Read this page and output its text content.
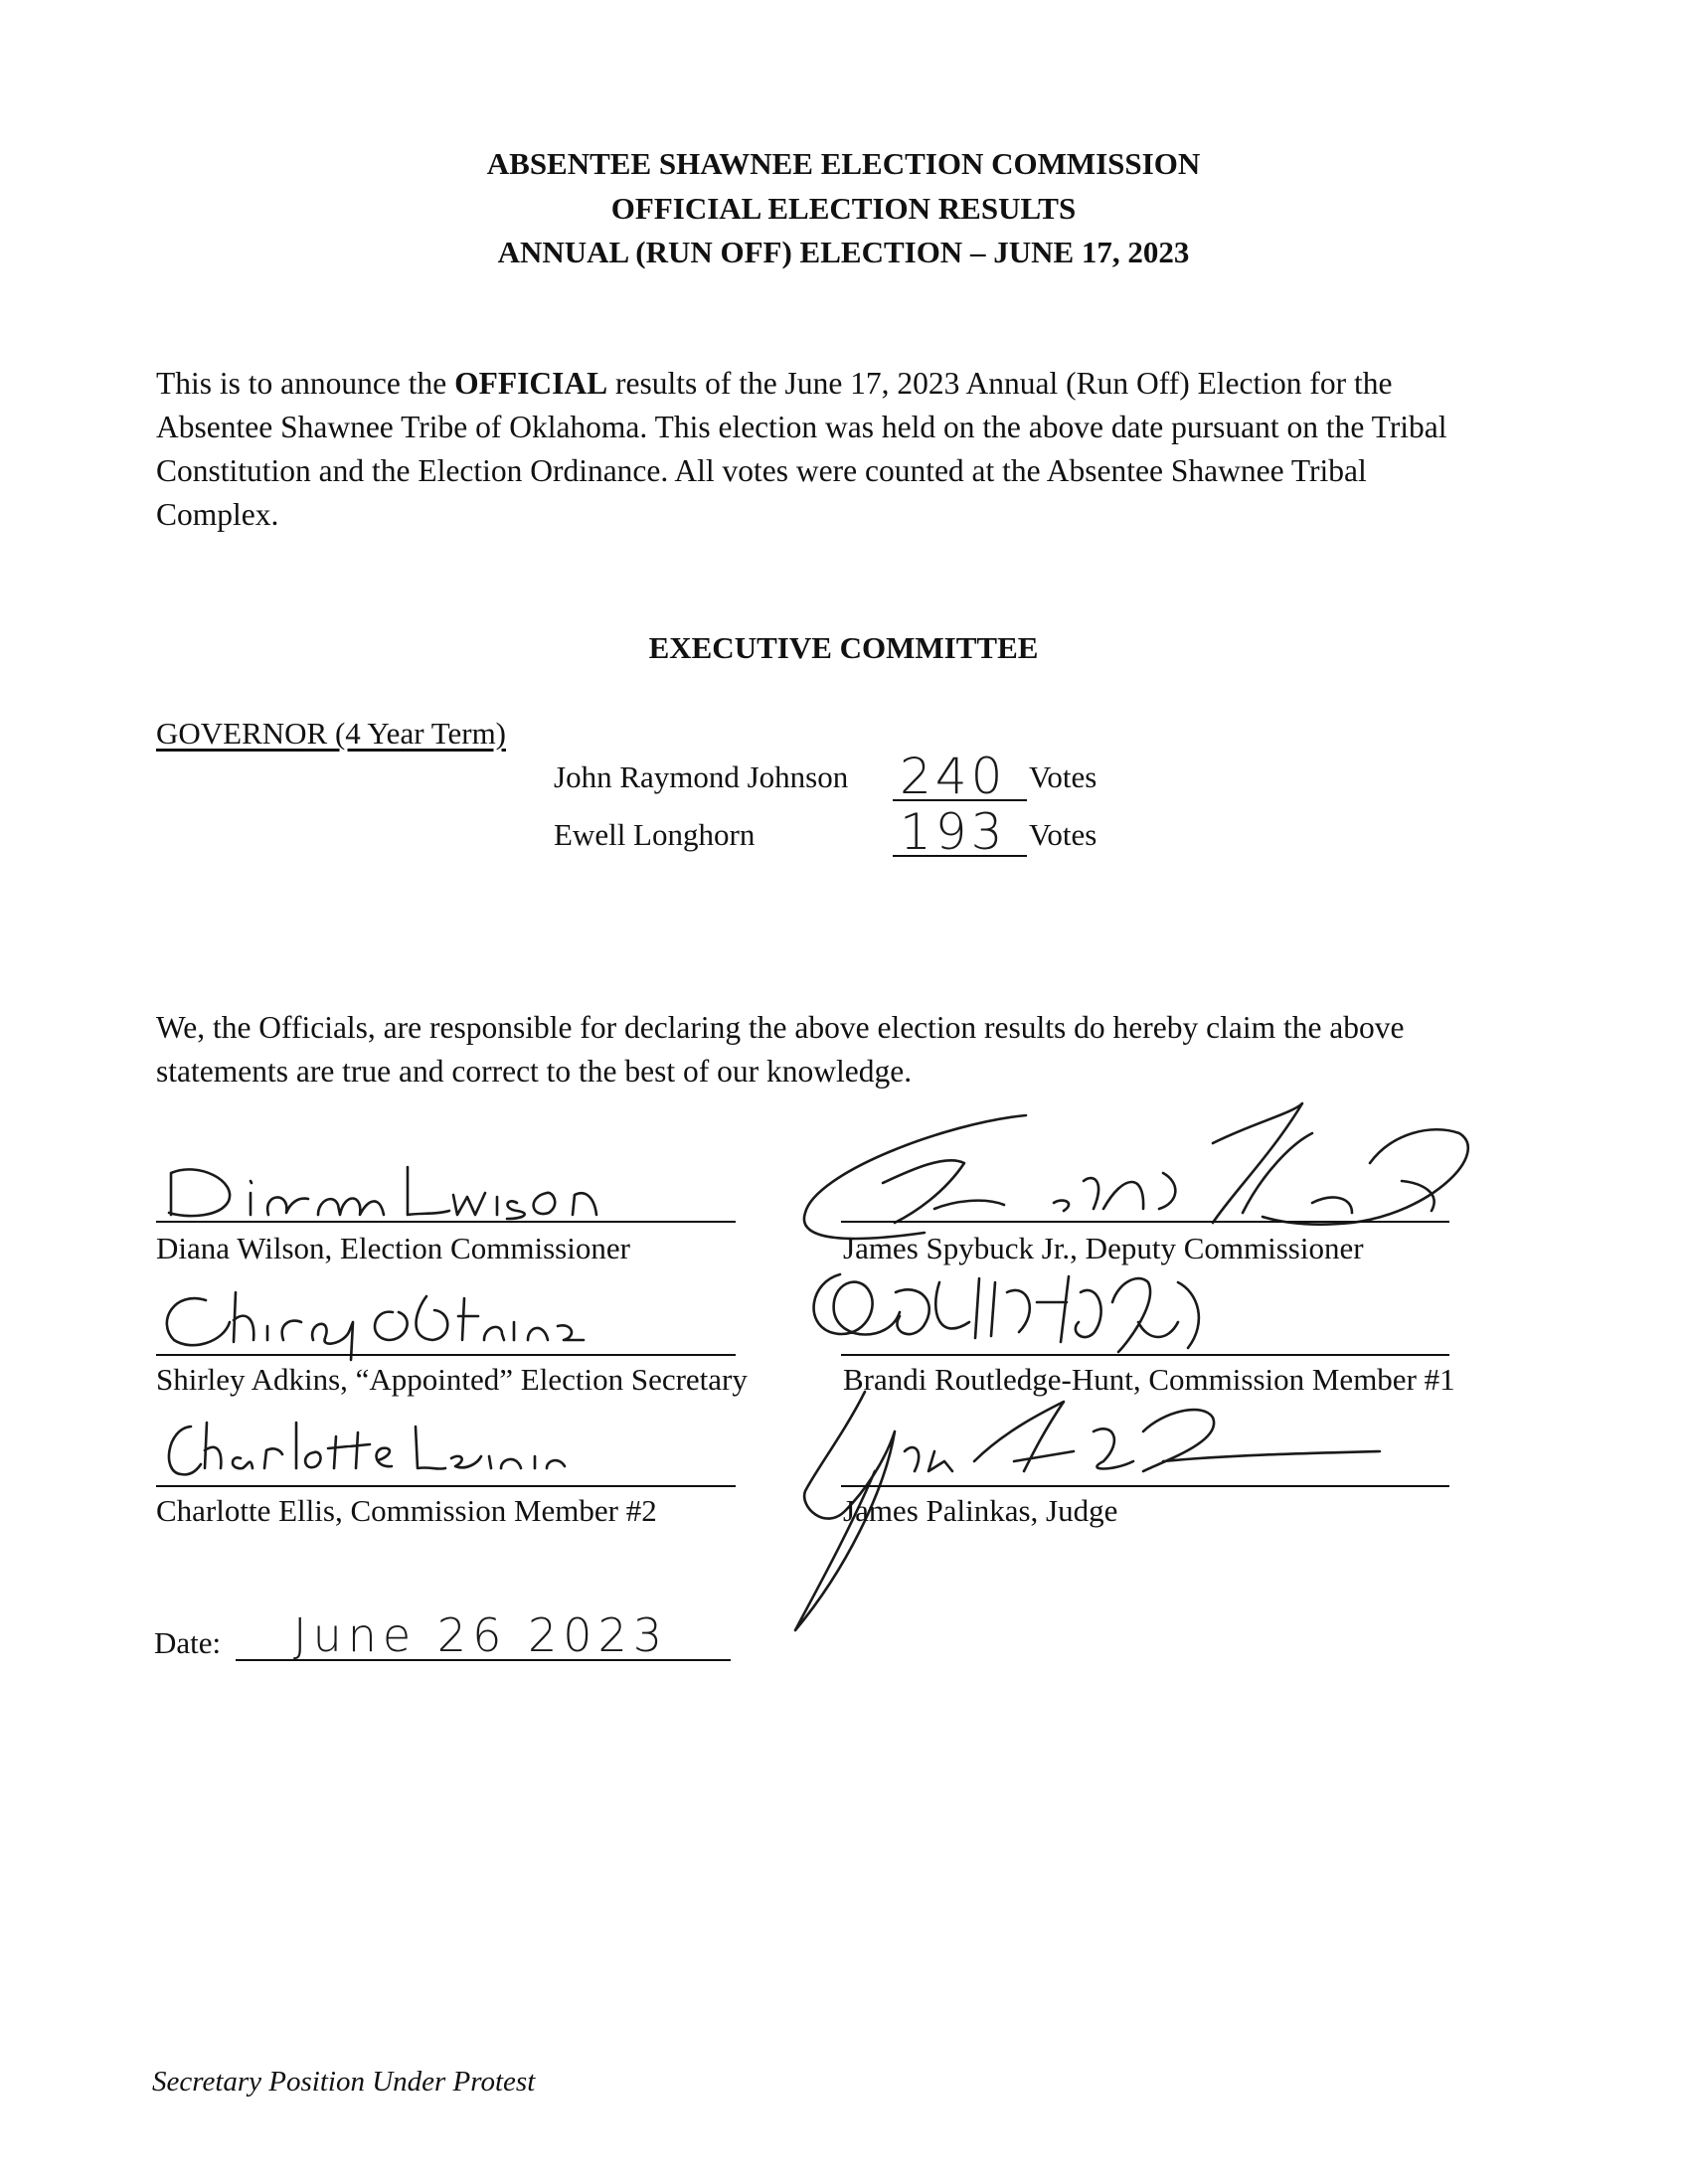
ABSENTEE SHAWNEE ELECTION COMMISSION
OFFICIAL ELECTION RESULTS
ANNUAL (RUN OFF) ELECTION – JUNE 17, 2023
This is to announce the OFFICIAL results of the June 17, 2023 Annual (Run Off) Election for the Absentee Shawnee Tribe of Oklahoma. This election was held on the above date pursuant on the Tribal Constitution and the Election Ordinance. All votes were counted at the Absentee Shawnee Tribal Complex.
EXECUTIVE COMMITTEE
GOVERNOR (4 Year Term)
John Raymond Johnson 240 Votes
Ewell Longhorn	193 Votes
We, the Officials, are responsible for declaring the above election results do hereby claim the above statements are true and correct to the best of our knowledge.
Diana Wilson, Election Commissioner
Shirley Adkins, “Appointed” Election Secretary
Charlotte Ellis, Commission Member #2
James Spybuck Jr., Deputy Commissioner
Brandi Routledge-Hunt, Commission Member #1
James Palinkas, Judge
Date: June 26 2023
Secretary Position Under Protest
